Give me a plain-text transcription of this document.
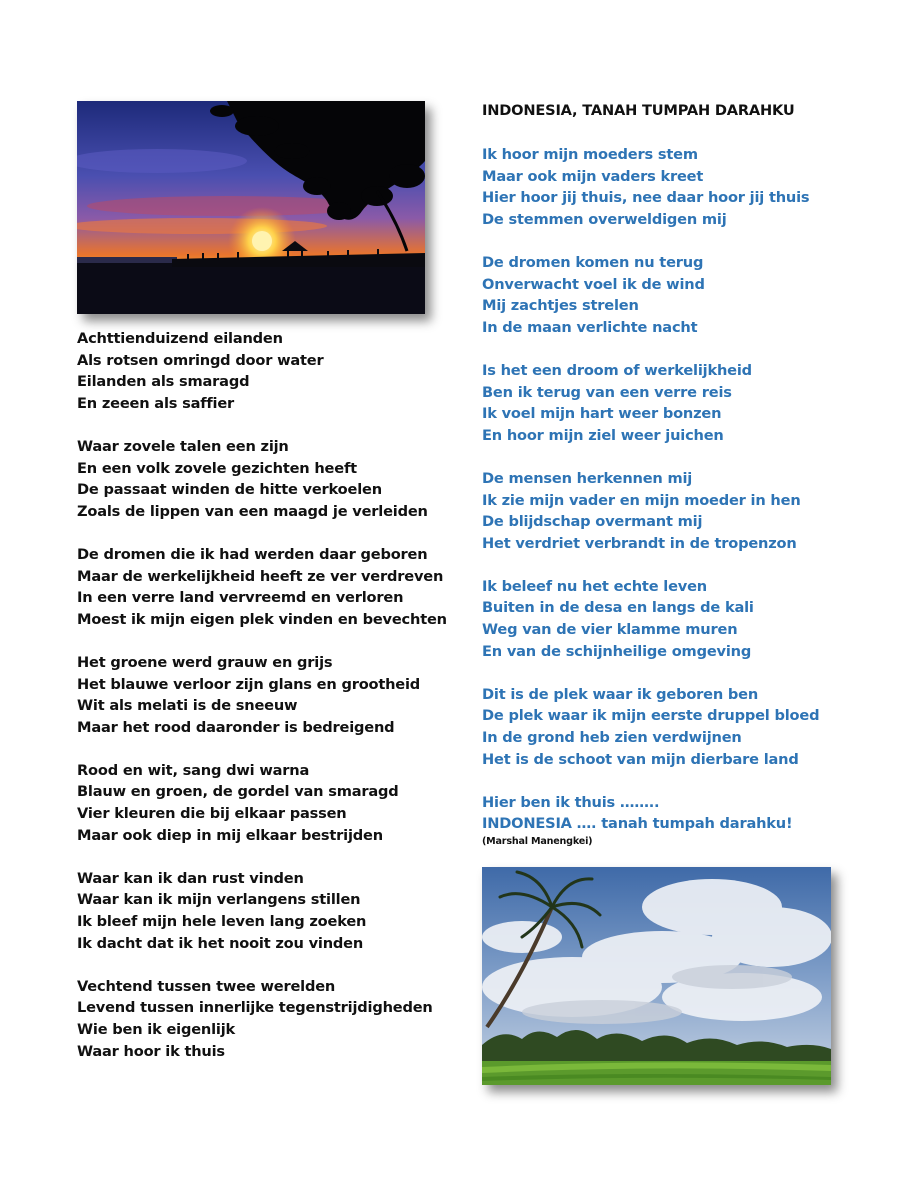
INDONESIA, TANAH TUMPAH DARAHKU
Achttienduizend eilanden
Als rotsen omringd door water
Eilanden als smaragd
En zeeen als saffier
Waar zovele talen een zijn
En een volk zovele gezichten heeft
De passaat winden de hitte verkoelen
Zoals de lippen van een maagd je verleiden
De dromen die ik had werden daar geboren
Maar de werkelijkheid heeft ze ver verdreven
In een verre land vervreemd en verloren
Moest ik mijn eigen plek vinden en bevechten
Het groene werd grauw en grijs
Het blauwe verloor zijn glans en grootheid
Wit als melati is de sneeuw
Maar het rood daaronder is bedreigend
Rood en wit, sang dwi warna
Blauw en groen, de gordel van smaragd
Vier kleuren die bij elkaar passen
Maar ook diep in mij elkaar bestrijden
Waar kan ik dan rust vinden
Waar kan ik mijn verlangens stillen
Ik bleef mijn hele leven lang zoeken
Ik dacht dat ik het nooit zou vinden
Vechtend tussen twee werelden
Levend tussen innerlijke tegenstrijdigheden
Wie ben ik eigenlijk
Waar hoor ik thuis
Ik hoor mijn moeders stem
Maar ook mijn vaders kreet
Hier hoor jij thuis, nee daar hoor jij thuis
De stemmen overweldigen mij
De dromen komen nu terug
Onverwacht voel ik de wind
Mij zachtjes strelen
In de maan verlichte nacht
Is het een droom of werkelijkheid
Ben ik terug van een verre reis
Ik voel mijn hart weer bonzen
En hoor mijn ziel weer juichen
De mensen herkennen mij
Ik zie mijn vader en mijn moeder in hen
De blijdschap overmant mij
Het verdriet verbrandt in de tropenzon
Ik beleef nu het echte leven
Buiten in de desa en langs de kali
Weg van de vier klamme muren
En van de schijnheilige omgeving
Dit is de plek waar ik geboren ben
De plek waar ik mijn eerste druppel bloed
In de grond heb zien verdwijnen
Het is de schoot van mijn dierbare land
Hier ben ik thuis ……..
INDONESIA …. tanah tumpah darahku!
(Marshal Manengkei)
